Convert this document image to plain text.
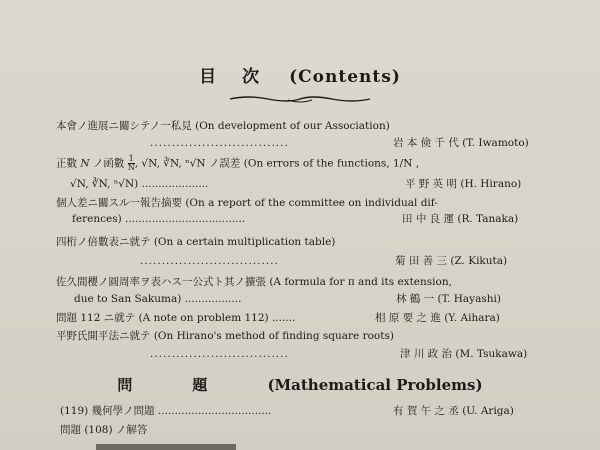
目次 (Contents)
本會ノ進展ニ關シテノ一私見 (On development of our Association)
................................	岩 本 倹 千 代 (T. Iwamoto)
正數 N ノ函數 $\frac{1}{N}$ , √N, ∛N, ⁿ√N ノ誤差 (On errors of the functions, 1/N ,
√N, ∛N, ⁿ√N) ....................	平 野 英 明 (H. Hirano)
個人差ニ關スル一報告摘要 (On a report of the committee on individual dif-
ferences) ....................................	田 中 良 運 (R. Tanaka)
四桁ノ倍數表ニ就テ (On a certain multiplication table)
................................	菊 田 善 三 (Z. Kikuta)
佐久間櫻ノ圓周率ヲ表ハス一公式ト其ノ擴張 (A formula for π and its extension,
due to San Sakuma) .................	林 鶴 一 (T. Hayashi)
問題 112 ニ就テ (A note on problem 112) .......	相 原 要 之 進 (Y. Aihara)
平野氏開平法ニ就テ (On Hirano's method of finding square roots)
................................	津 川 政 治 (M. Tsukawa)
問題(Mathematical Problems)
(119) 幾何學ノ問題 ..................................	有 賀 午 之 丞 (U. Ariga)
問題 (108) ノ解答
